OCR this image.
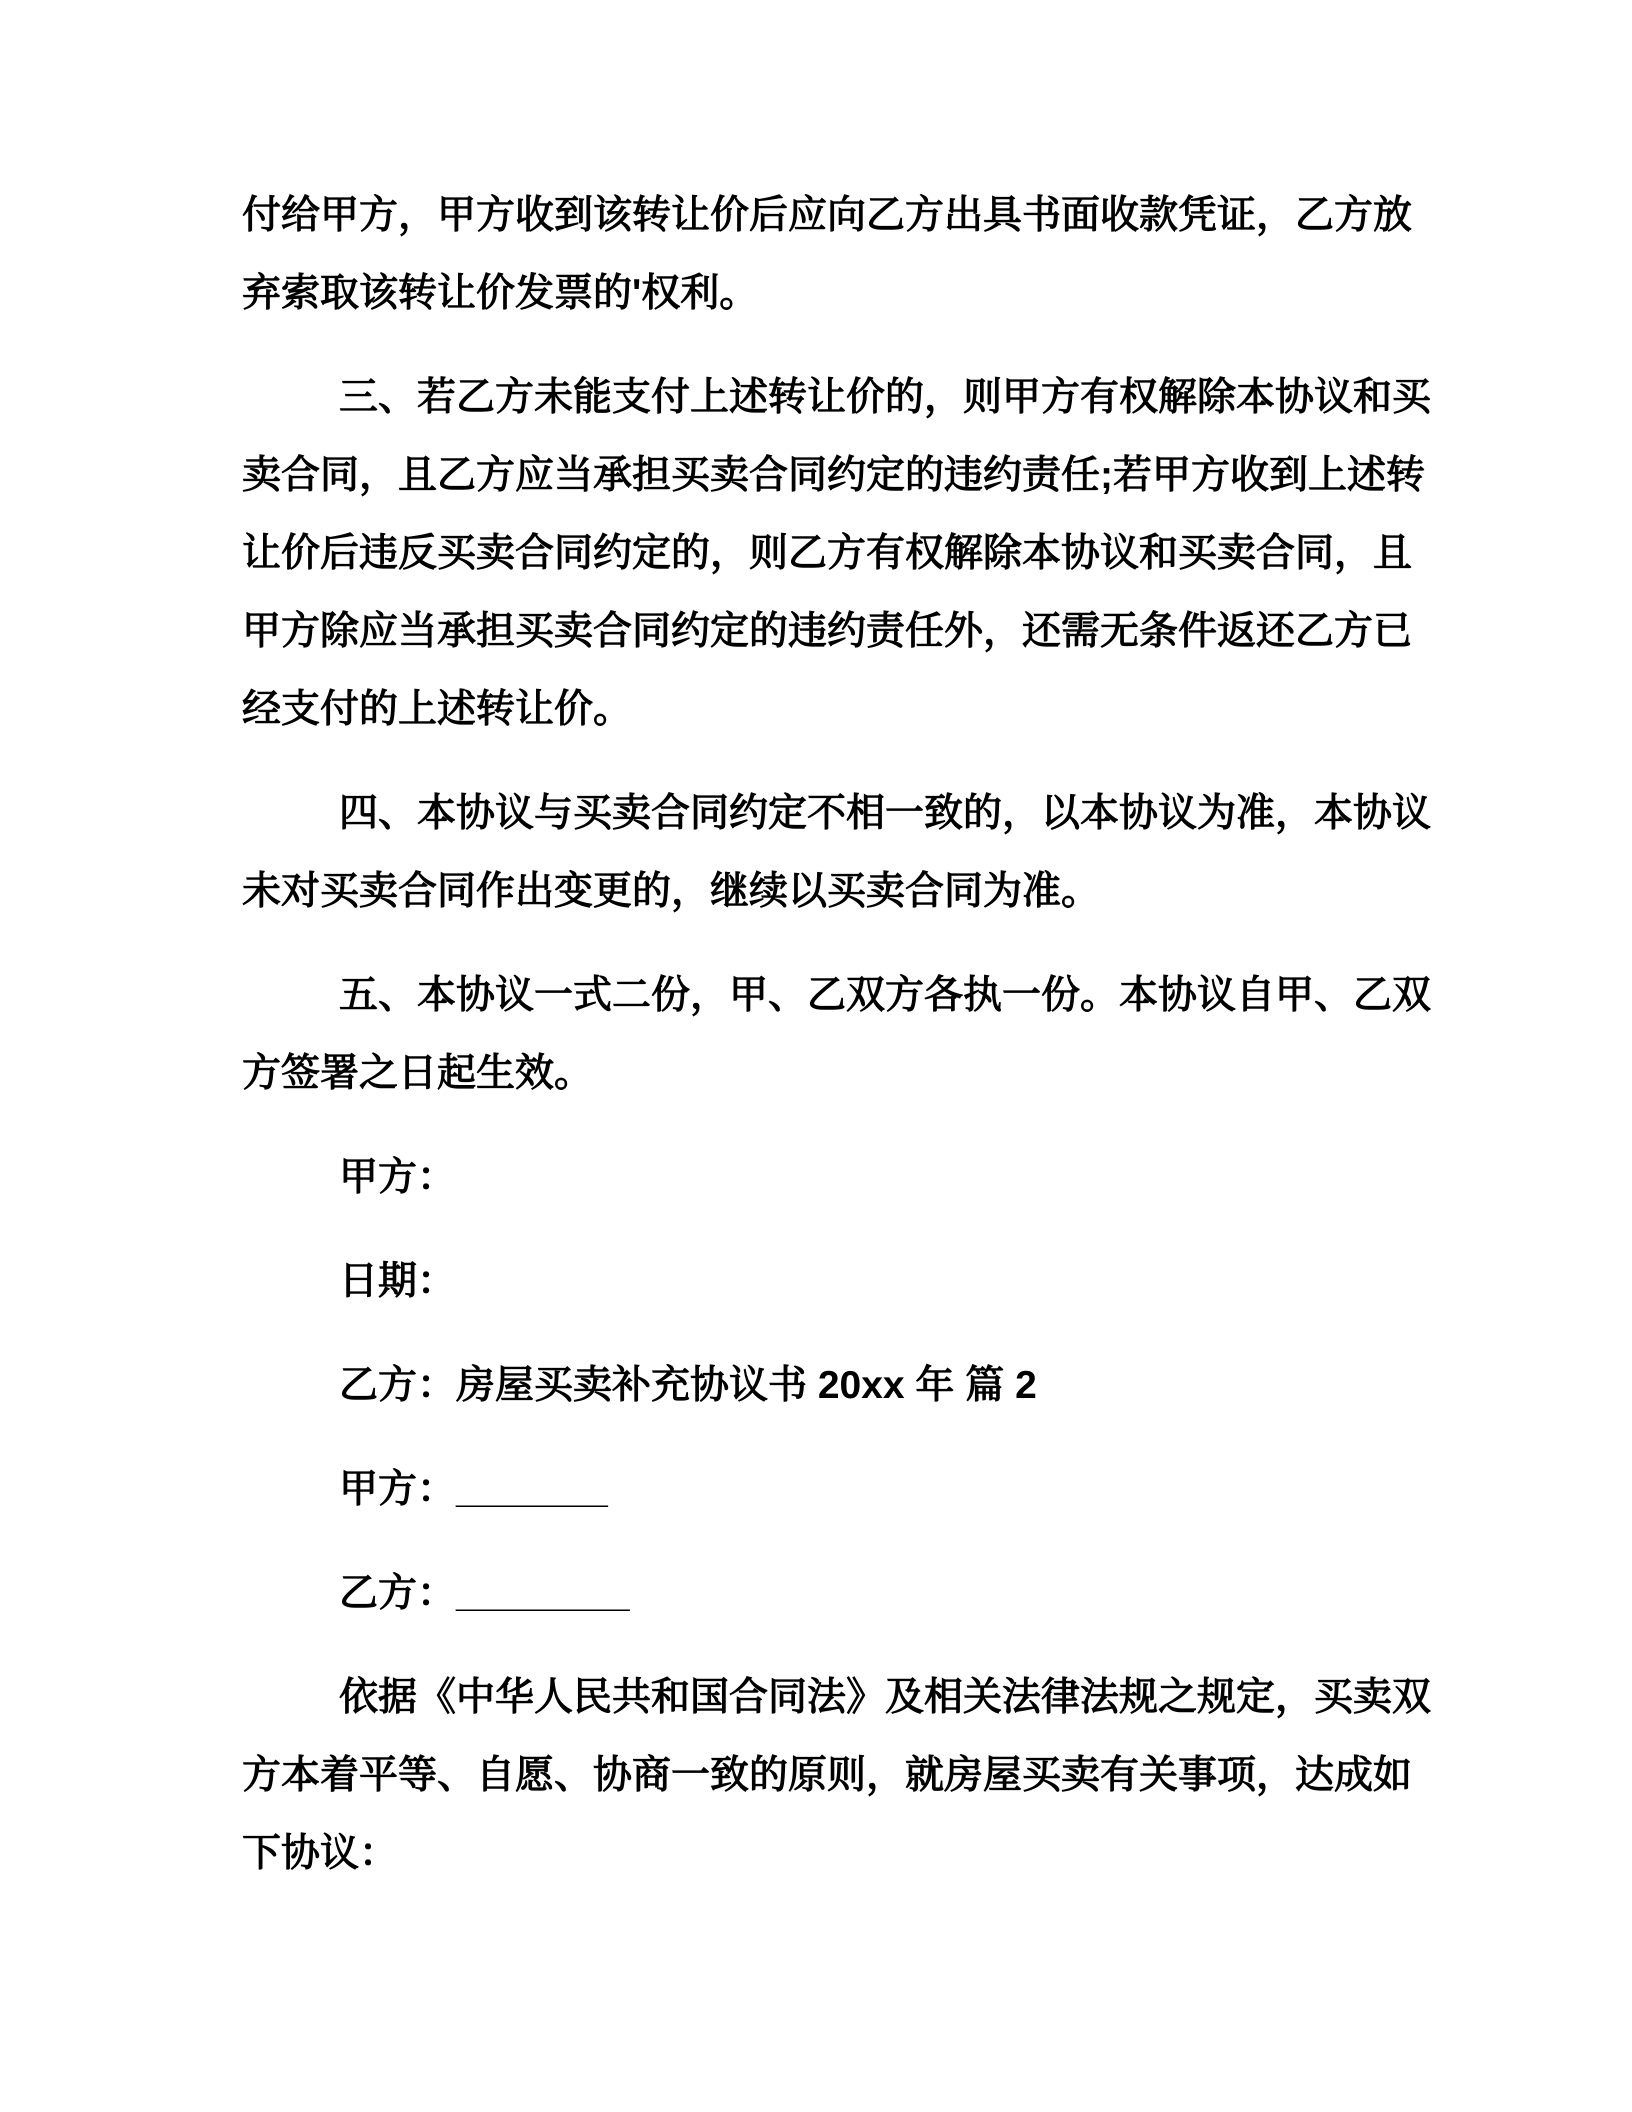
付给甲方，甲方收到该转让价后应向乙方出具书面收款凭证，乙方放弃索取该转让价发票的'权利。

三、若乙方未能支付上述转让价的，则甲方有权解除本协议和买卖合同，且乙方应当承担买卖合同约定的违约责任;若甲方收到上述转让价后违反买卖合同约定的，则乙方有权解除本协议和买卖合同，且甲方除应当承担买卖合同约定的违约责任外，还需无条件返还乙方已经支付的上述转让价。

四、本协议与买卖合同约定不相一致的，以本协议为准，本协议未对买卖合同作出变更的，继续以买卖合同为准。

五、本协议一式二份，甲、乙双方各执一份。本协议自甲、乙双方签署之日起生效。

甲方：

日期：

乙方：房屋买卖补充协议书 20xx 年 篇 2

甲方：_______

乙方：________

依据《中华人民共和国合同法》及相关法律法规之规定，买卖双方本着平等、自愿、协商一致的原则，就房屋买卖有关事项，达成如下协议：
